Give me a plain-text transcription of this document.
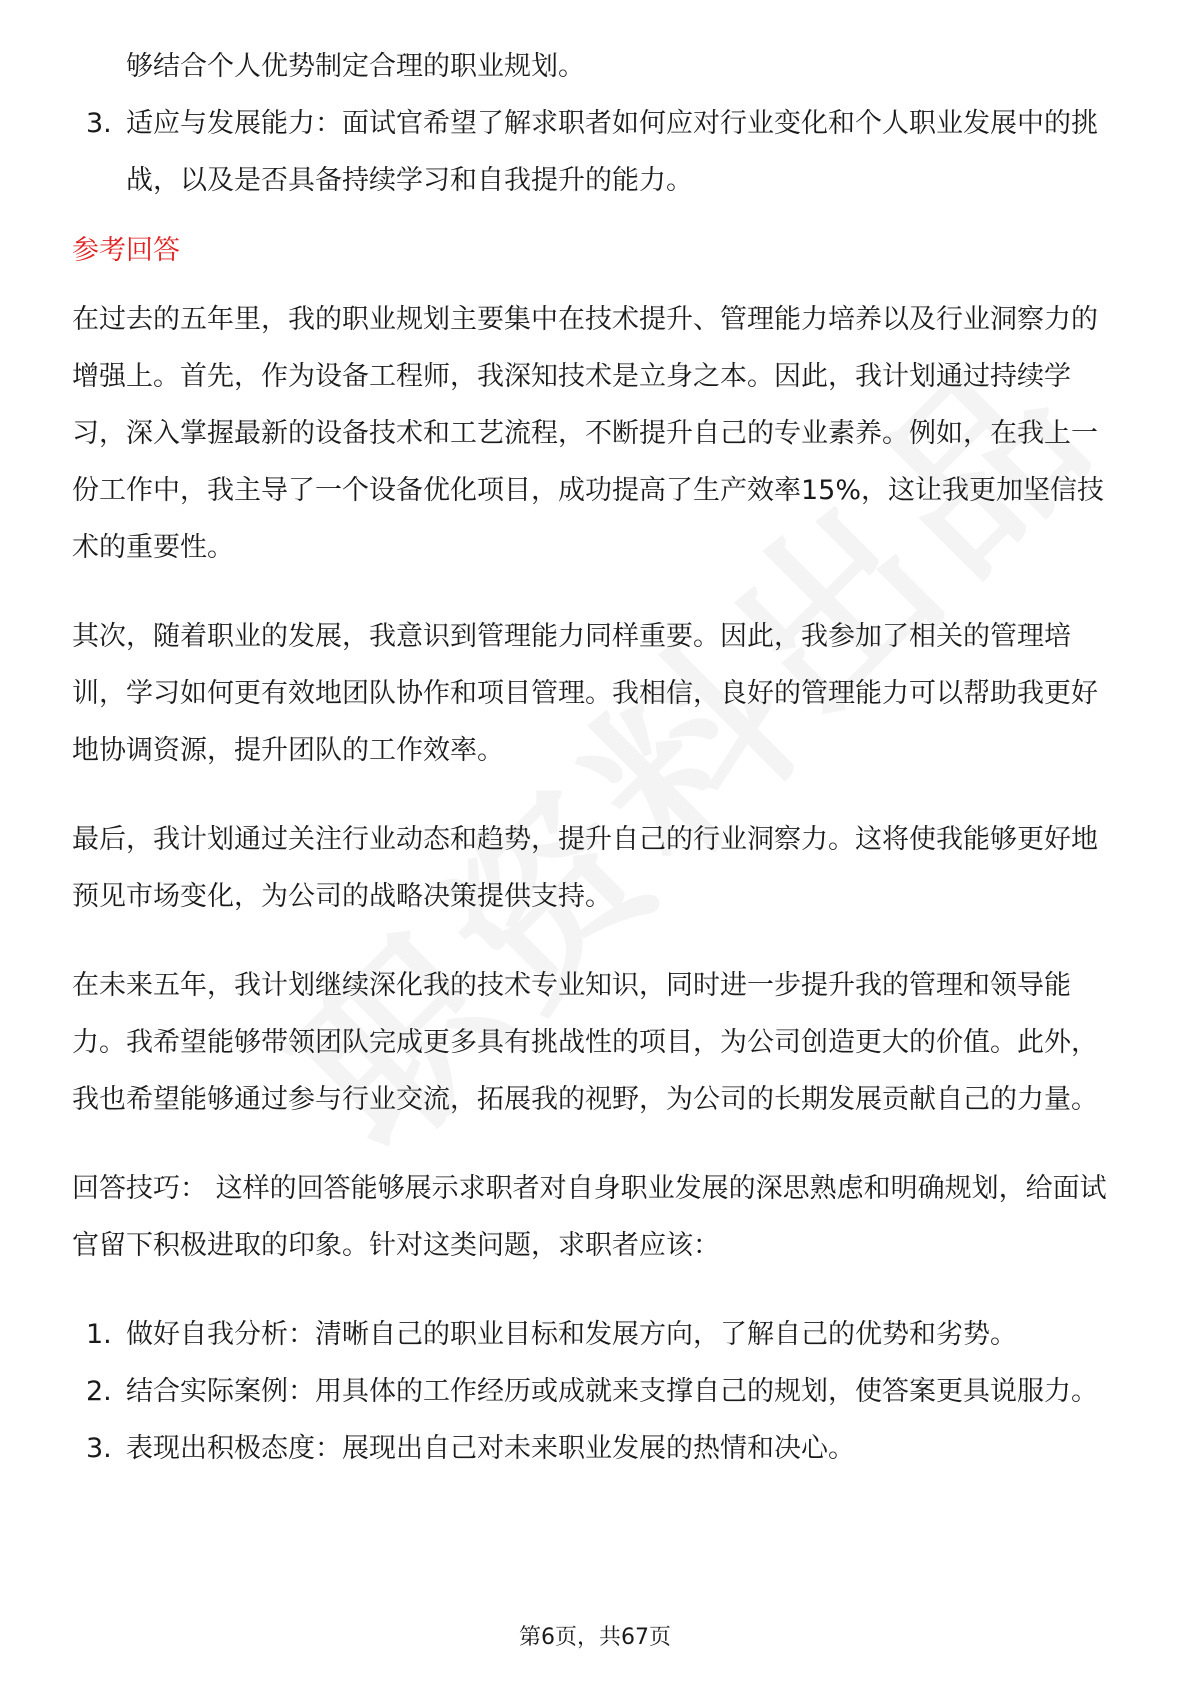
够结合个人优势制定合理的职业规划。
3. 适应与发展能力：面试官希望了解求职者如何应对行业变化和个人职业发展中的挑战，以及是否具备持续学习和自我提升的能力。
参考回答

在过去的五年里，我的职业规划主要集中在技术提升、管理能力培养以及行业洞察力的增强上。首先，作为设备工程师，我深知技术是立身之本。因此，我计划通过持续学习，深入掌握最新的设备技术和工艺流程，不断提升自己的专业素养。例如，在我上一份工作中，我主导了一个设备优化项目，成功提高了生产效率15%，这让我更加坚信技术的重要性。

其次，随着职业的发展，我意识到管理能力同样重要。因此，我参加了相关的管理培训，学习如何更有效地团队协作和项目管理。我相信，良好的管理能力可以帮助我更好地协调资源，提升团队的工作效率。

最后，我计划通过关注行业动态和趋势，提升自己的行业洞察力。这将使我能够更好地预见市场变化，为公司的战略决策提供支持。

在未来五年，我计划继续深化我的技术专业知识，同时进一步提升我的管理和领导能力。我希望能够带领团队完成更多具有挑战性的项目，为公司创造更大的价值。此外，我也希望能够通过参与行业交流，拓展我的视野，为公司的长期发展贡献自己的力量。

回答技巧： 这样的回答能够展示求职者对自身职业发展的深思熟虑和明确规划，给面试官留下积极进取的印象。针对这类问题，求职者应该：

1. 做好自我分析：清晰自己的职业目标和发展方向，了解自己的优势和劣势。
2. 结合实际案例：用具体的工作经历或成就来支撑自己的规划，使答案更具说服力。
3. 表现出积极态度：展现出自己对未来职业发展的热情和决心。
第6页，共67页
